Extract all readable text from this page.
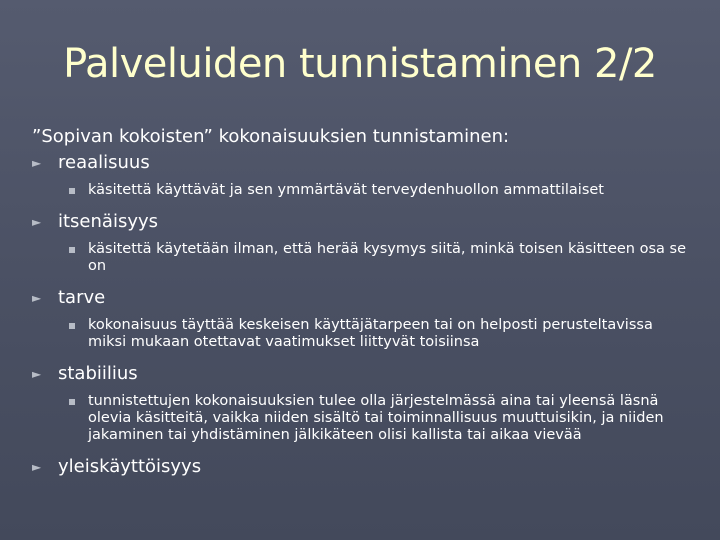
Palveluiden tunnistaminen 2/2

”Sopivan kokoisten” kokonaisuuksien tunnistaminen:

► reaalisuus

käsitettä käyttävät ja sen ymmärtävät terveydenhuollon ammattilaiset

► itsenäisyys

käsitettä käytetään ilman, että herää kysymys siitä, minkä toisen käsitteen osa se on

► tarve

kokonaisuus täyttää keskeisen käyttäjätarpeen tai on helposti perusteltavissa miksi mukaan otettavat vaatimukset liittyvät toisiinsa

► stabiilius

tunnistettujen kokonaisuuksien tulee olla järjestelmässä aina tai yleensä läsnä olevia käsitteitä, vaikka niiden sisältö tai toiminnallisuus muuttuisikin, ja niiden jakaminen tai yhdistäminen jälkikäteen olisi kallista tai aikaa vievää

► yleiskäyttöisyys
